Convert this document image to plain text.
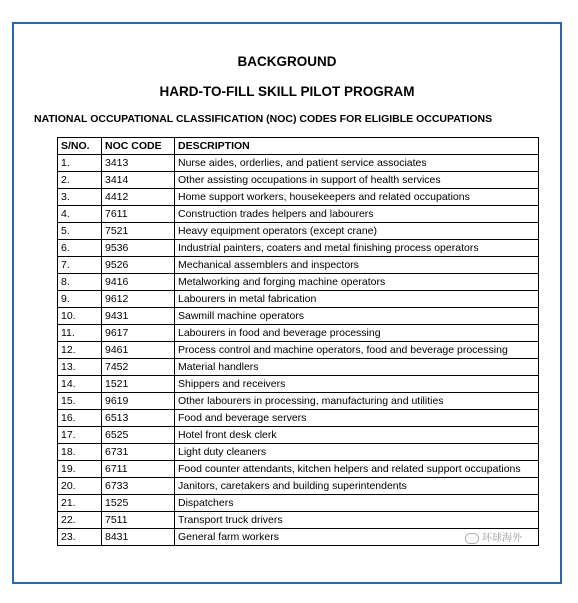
BACKGROUND
HARD-TO-FILL SKILL PILOT PROGRAM
NATIONAL OCCUPATIONAL CLASSIFICATION (NOC) CODES FOR ELIGIBLE OCCUPATIONS
S/NO.	NOC CODE	DESCRIPTION
1.	3413	Nurse aides, orderlies, and patient service associates
2.	3414	Other assisting occupations in support of health services
3.	4412	Home support workers, housekeepers and related occupations
4.	7611	Construction trades helpers and labourers
5.	7521	Heavy equipment operators (except crane)
6.	9536	Industrial painters, coaters and metal finishing process operators
7.	9526	Mechanical assemblers and inspectors
8.	9416	Metalworking and forging machine operators
9.	9612	Labourers in metal fabrication
10.	9431	Sawmill machine operators
11.	9617	Labourers in food and beverage processing
12.	9461	Process control and machine operators, food and beverage processing
13.	7452	Material handlers
14.	1521	Shippers and receivers
15.	9619	Other labourers in processing, manufacturing and utilities
16.	6513	Food and beverage servers
17.	6525	Hotel front desk clerk
18.	6731	Light duty cleaners
19.	6711	Food counter attendants, kitchen helpers and related support occupations
20.	6733	Janitors, caretakers and building superintendents
21.	1525	Dispatchers
22.	7511	Transport truck drivers
23.	8431	General farm workers	环球海外
